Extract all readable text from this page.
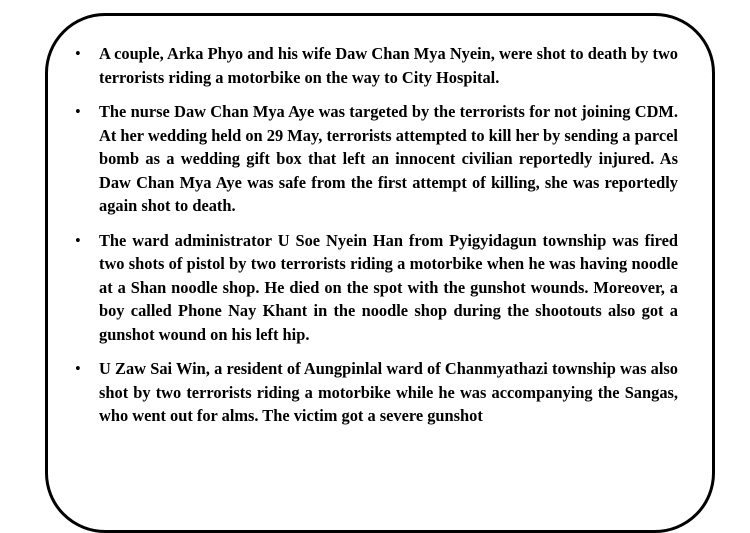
• A couple, Arka Phyo and his wife Daw Chan Mya Nyein, were shot to death by two terrorists riding a motorbike on the way to City Hospital.
• The nurse Daw Chan Mya Aye was targeted by the terrorists for not joining CDM. At her wedding held on 29 May, terrorists attempted to kill her by sending a parcel bomb as a wedding gift box that left an innocent civilian reportedly injured. As Daw Chan Mya Aye was safe from the first attempt of killing, she was reportedly again shot to death.
• The ward administrator U Soe Nyein Han from Pyigyidagun township was fired two shots of pistol by two terrorists riding a motorbike when he was having noodle at a Shan noodle shop. He died on the spot with the gunshot wounds. Moreover, a boy called Phone Nay Khant in the noodle shop during the shootouts also got a gunshot wound on his left hip.
• U Zaw Sai Win, a resident of Aungpinlal ward of Chanmyathazi township was also shot by two terrorists riding a motorbike while he was accompanying the Sangas, who went out for alms. The victim got a severe gunshot
